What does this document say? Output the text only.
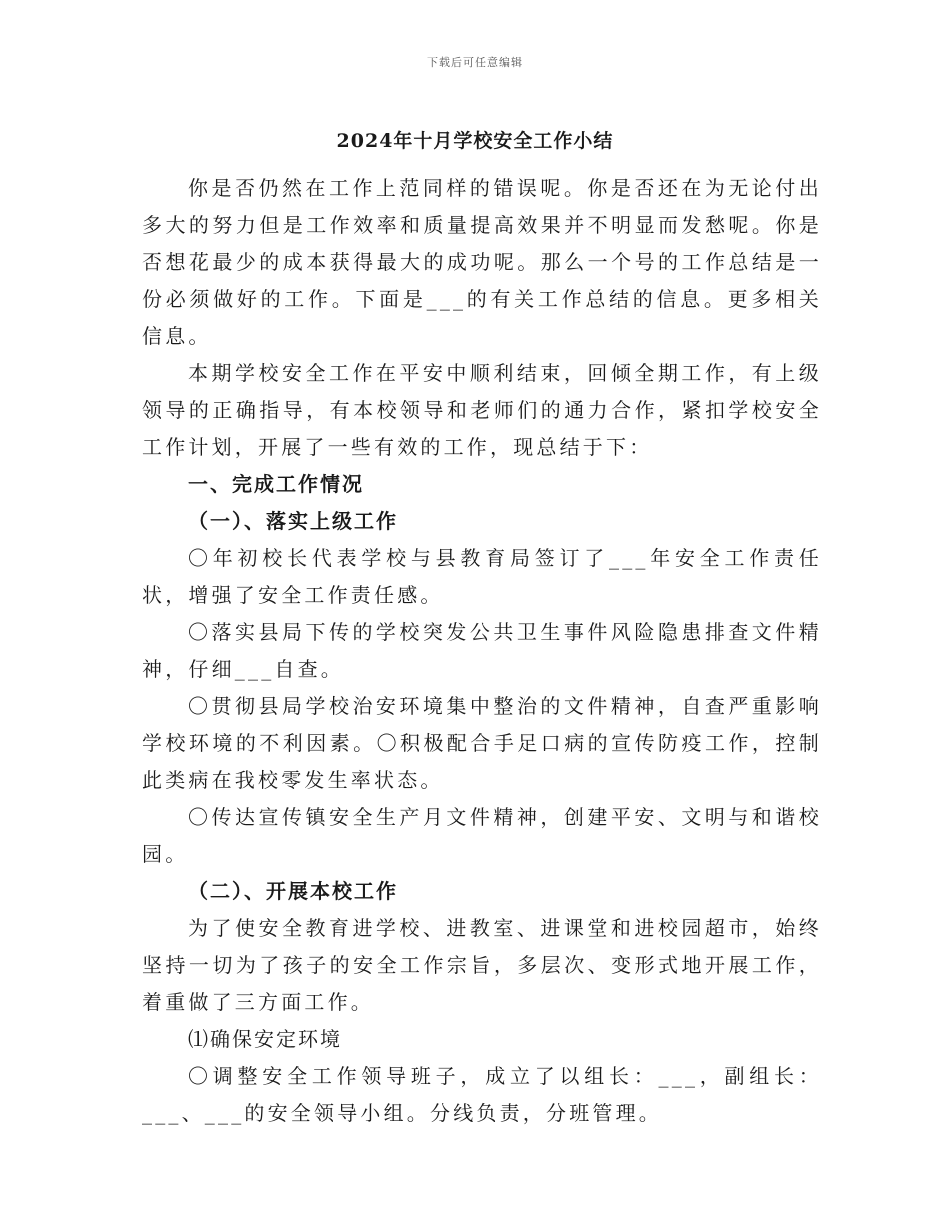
下载后可任意编辑
2024年十月学校安全工作小结

你是否仍然在工作上范同样的错误呢。你是否还在为无论付出多大的努力但是工作效率和质量提高效果并不明显而发愁呢。你是否想花最少的成本获得最大的成功呢。那么一个号的工作总结是一份必须做好的工作。下面是___的有关工作总结的信息。更多相关信息。

本期学校安全工作在平安中顺利结束，回倾全期工作，有上级领导的正确指导，有本校领导和老师们的通力合作，紧扣学校安全工作计划，开展了一些有效的工作，现总结于下：

一、完成工作情况

（一）、落实上级工作

〇年初校长代表学校与县教育局签订了___年安全工作责任状，增强了安全工作责任感。

〇落实县局下传的学校突发公共卫生事件风险隐患排查文件精神，仔细___自查。

〇贯彻县局学校治安环境集中整治的文件精神，自查严重影响学校环境的不利因素。〇积极配合手足口病的宣传防疫工作，控制此类病在我校零发生率状态。

〇传达宣传镇安全生产月文件精神，创建平安、文明与和谐校园。

（二）、开展本校工作

为了使安全教育进学校、进教室、进课堂和进校园超市，始终坚持一切为了孩子的安全工作宗旨，多层次、变形式地开展工作，着重做了三方面工作。

⑴确保安定环境

〇调整安全工作领导班子，成立了以组长：___，副组长：___、___的安全领导小组。分线负责，分班管理。
